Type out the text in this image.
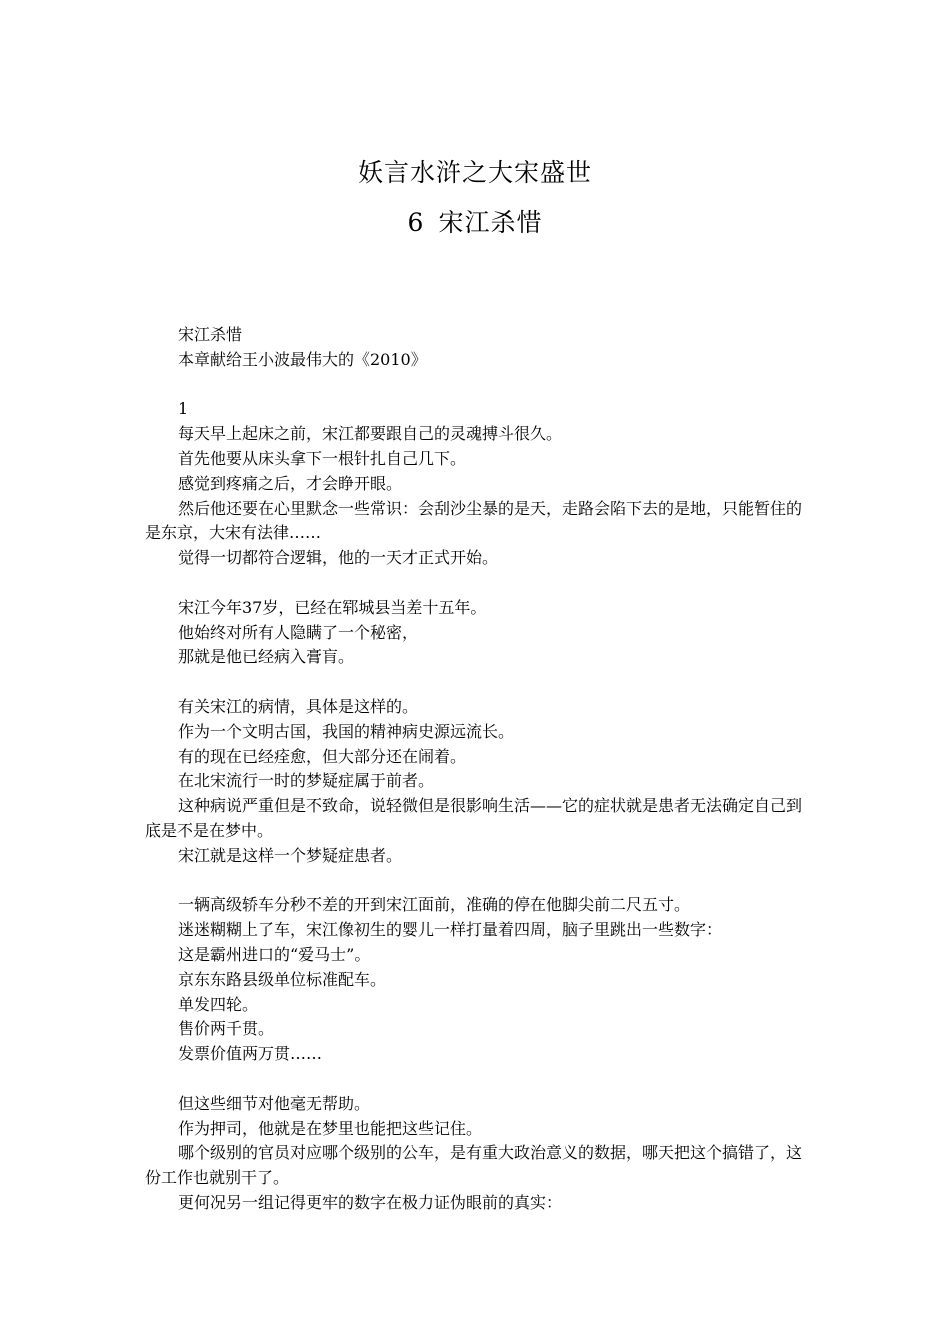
妖言水浒之大宋盛世
6 宋江杀惜

宋江杀惜

本章献给王小波最伟大的《2010》

1

每天早上起床之前，宋江都要跟自己的灵魂搏斗很久。

首先他要从床头拿下一根针扎自己几下。

感觉到疼痛之后，才会睁开眼。

然后他还要在心里默念一些常识：会刮沙尘暴的是天，走路会陷下去的是地，只能暂住的是东京，大宋有法律……

觉得一切都符合逻辑，他的一天才正式开始。

宋江今年37岁，已经在郓城县当差十五年。

他始终对所有人隐瞒了一个秘密，

那就是他已经病入膏肓。

有关宋江的病情，具体是这样的。

作为一个文明古国，我国的精神病史源远流长。

有的现在已经痊愈，但大部分还在闹着。

在北宋流行一时的梦疑症属于前者。

这种病说严重但是不致命，说轻微但是很影响生活——它的症状就是患者无法确定自己到底是不是在梦中。

宋江就是这样一个梦疑症患者。

一辆高级轿车分秒不差的开到宋江面前，准确的停在他脚尖前二尺五寸。

迷迷糊糊上了车，宋江像初生的婴儿一样打量着四周，脑子里跳出一些数字：

这是霸州进口的“爱马士”。

京东东路县级单位标准配车。

单发四轮。

售价两千贯。

发票价值两万贯……

但这些细节对他毫无帮助。

作为押司，他就是在梦里也能把这些记住。

哪个级别的官员对应哪个级别的公车，是有重大政治意义的数据，哪天把这个搞错了，这份工作也就别干了。

更何况另一组记得更牢的数字在极力证伪眼前的真实：
